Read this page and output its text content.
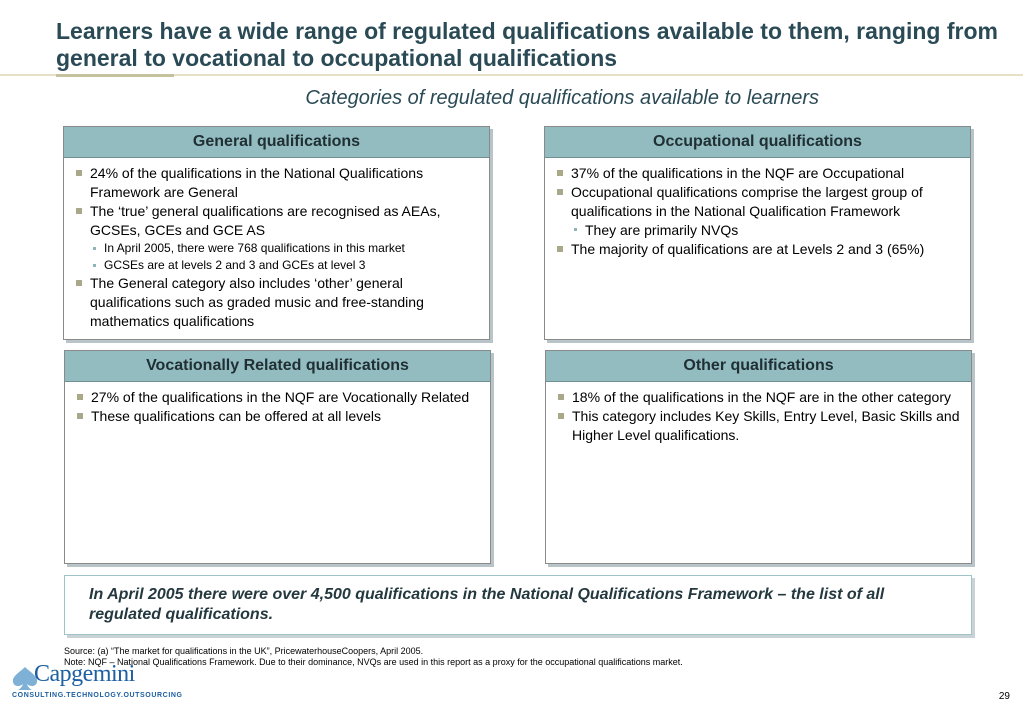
Learners have a wide range of regulated qualifications available to them, ranging from general to vocational to occupational qualifications
Categories of regulated qualifications available to learners
General qualifications
24% of the qualifications in the National Qualifications Framework are General
The ‘true’ general qualifications are recognised as AEAs, GCSEs, GCEs and GCE AS
In April 2005, there were 768 qualifications in this market
GCSEs are at levels 2 and 3 and GCEs at level 3
The General category also includes ‘other’ general qualifications such as graded music and free-standing mathematics qualifications
Occupational qualifications
37% of the qualifications in the NQF are Occupational
Occupational qualifications comprise the largest group of qualifications in the National Qualification Framework
They are primarily NVQs
The majority of qualifications are at Levels 2 and 3 (65%)
Vocationally Related qualifications
27% of the qualifications in the NQF are Vocationally Related
These qualifications can be offered at all levels
Other qualifications
18% of the qualifications in the NQF are in the other category
This category includes Key Skills, Entry Level, Basic Skills and Higher Level qualifications.
In April 2005 there were over 4,500 qualifications in the National Qualifications Framework – the list of all regulated qualifications.
Source: (a) “The market for qualifications in the UK”, PricewaterhouseCoopers, April 2005.
Note: NQF – National Qualifications Framework. Due to their dominance, NVQs are used in this report as a proxy for the occupational qualifications market.
Capgemini
CONSULTING.TECHNOLOGY.OUTSOURCING	29
